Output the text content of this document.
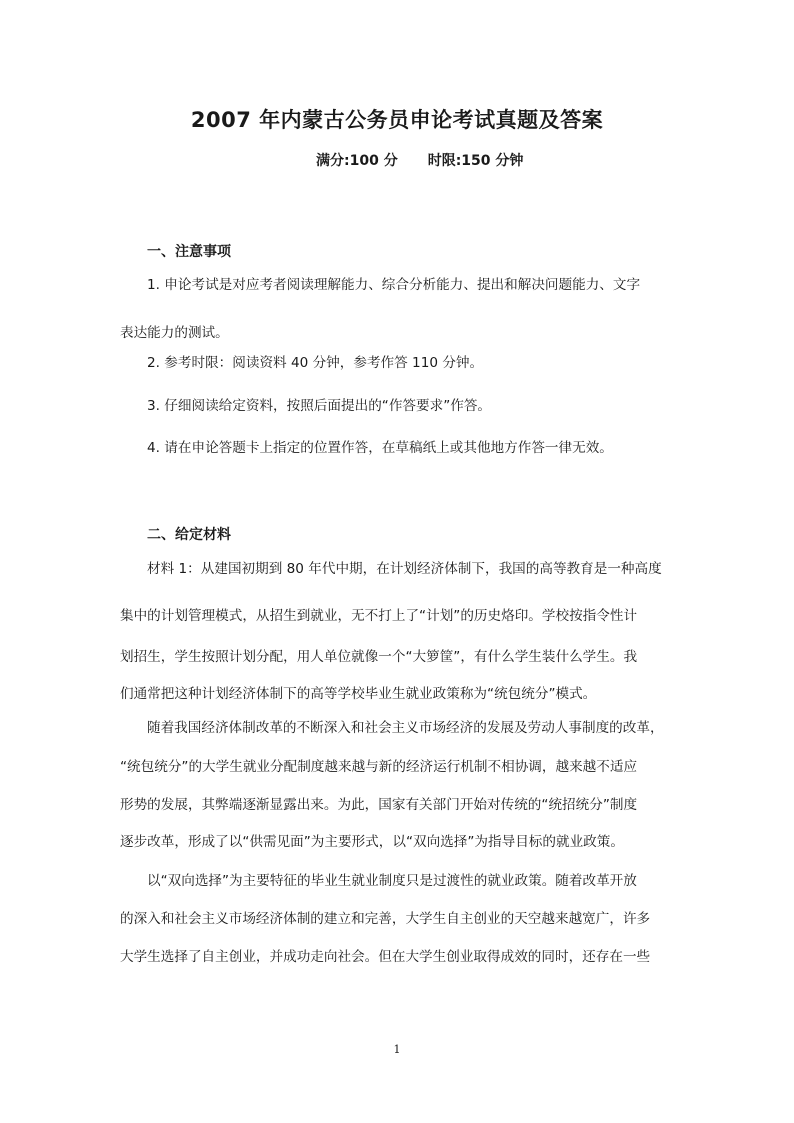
2007 年内蒙古公务员申论考试真题及答案
满分:100 分 时限:150 分钟
一、注意事项
1. 申论考试是对应考者阅读理解能力、综合分析能力、提出和解决问题能力、文字
表达能力的测试。
2. 参考时限：阅读资料 40 分钟，参考作答 110 分钟。
3. 仔细阅读给定资料，按照后面提出的“作答要求”作答。
4. 请在申论答题卡上指定的位置作答，在草稿纸上或其他地方作答一律无效。
二、给定材料
材料 1：从建国初期到 80 年代中期，在计划经济体制下，我国的高等教育是一种高度
集中的计划管理模式，从招生到就业，无不打上了“计划”的历史烙印。学校按指令性计
划招生，学生按照计划分配，用人单位就像一个“大箩筐”，有什么学生装什么学生。我
们通常把这种计划经济体制下的高等学校毕业生就业政策称为“统包统分”模式。
随着我国经济体制改革的不断深入和社会主义市场经济的发展及劳动人事制度的改革，
“统包统分”的大学生就业分配制度越来越与新的经济运行机制不相协调，越来越不适应
形势的发展，其弊端逐渐显露出来。为此，国家有关部门开始对传统的“统招统分”制度
逐步改革，形成了以“供需见面”为主要形式，以“双向选择”为指导目标的就业政策。
以“双向选择”为主要特征的毕业生就业制度只是过渡性的就业政策。随着改革开放
的深入和社会主义市场经济体制的建立和完善，大学生自主创业的天空越来越宽广，许多
大学生选择了自主创业，并成功走向社会。但在大学生创业取得成效的同时，还存在一些
1
